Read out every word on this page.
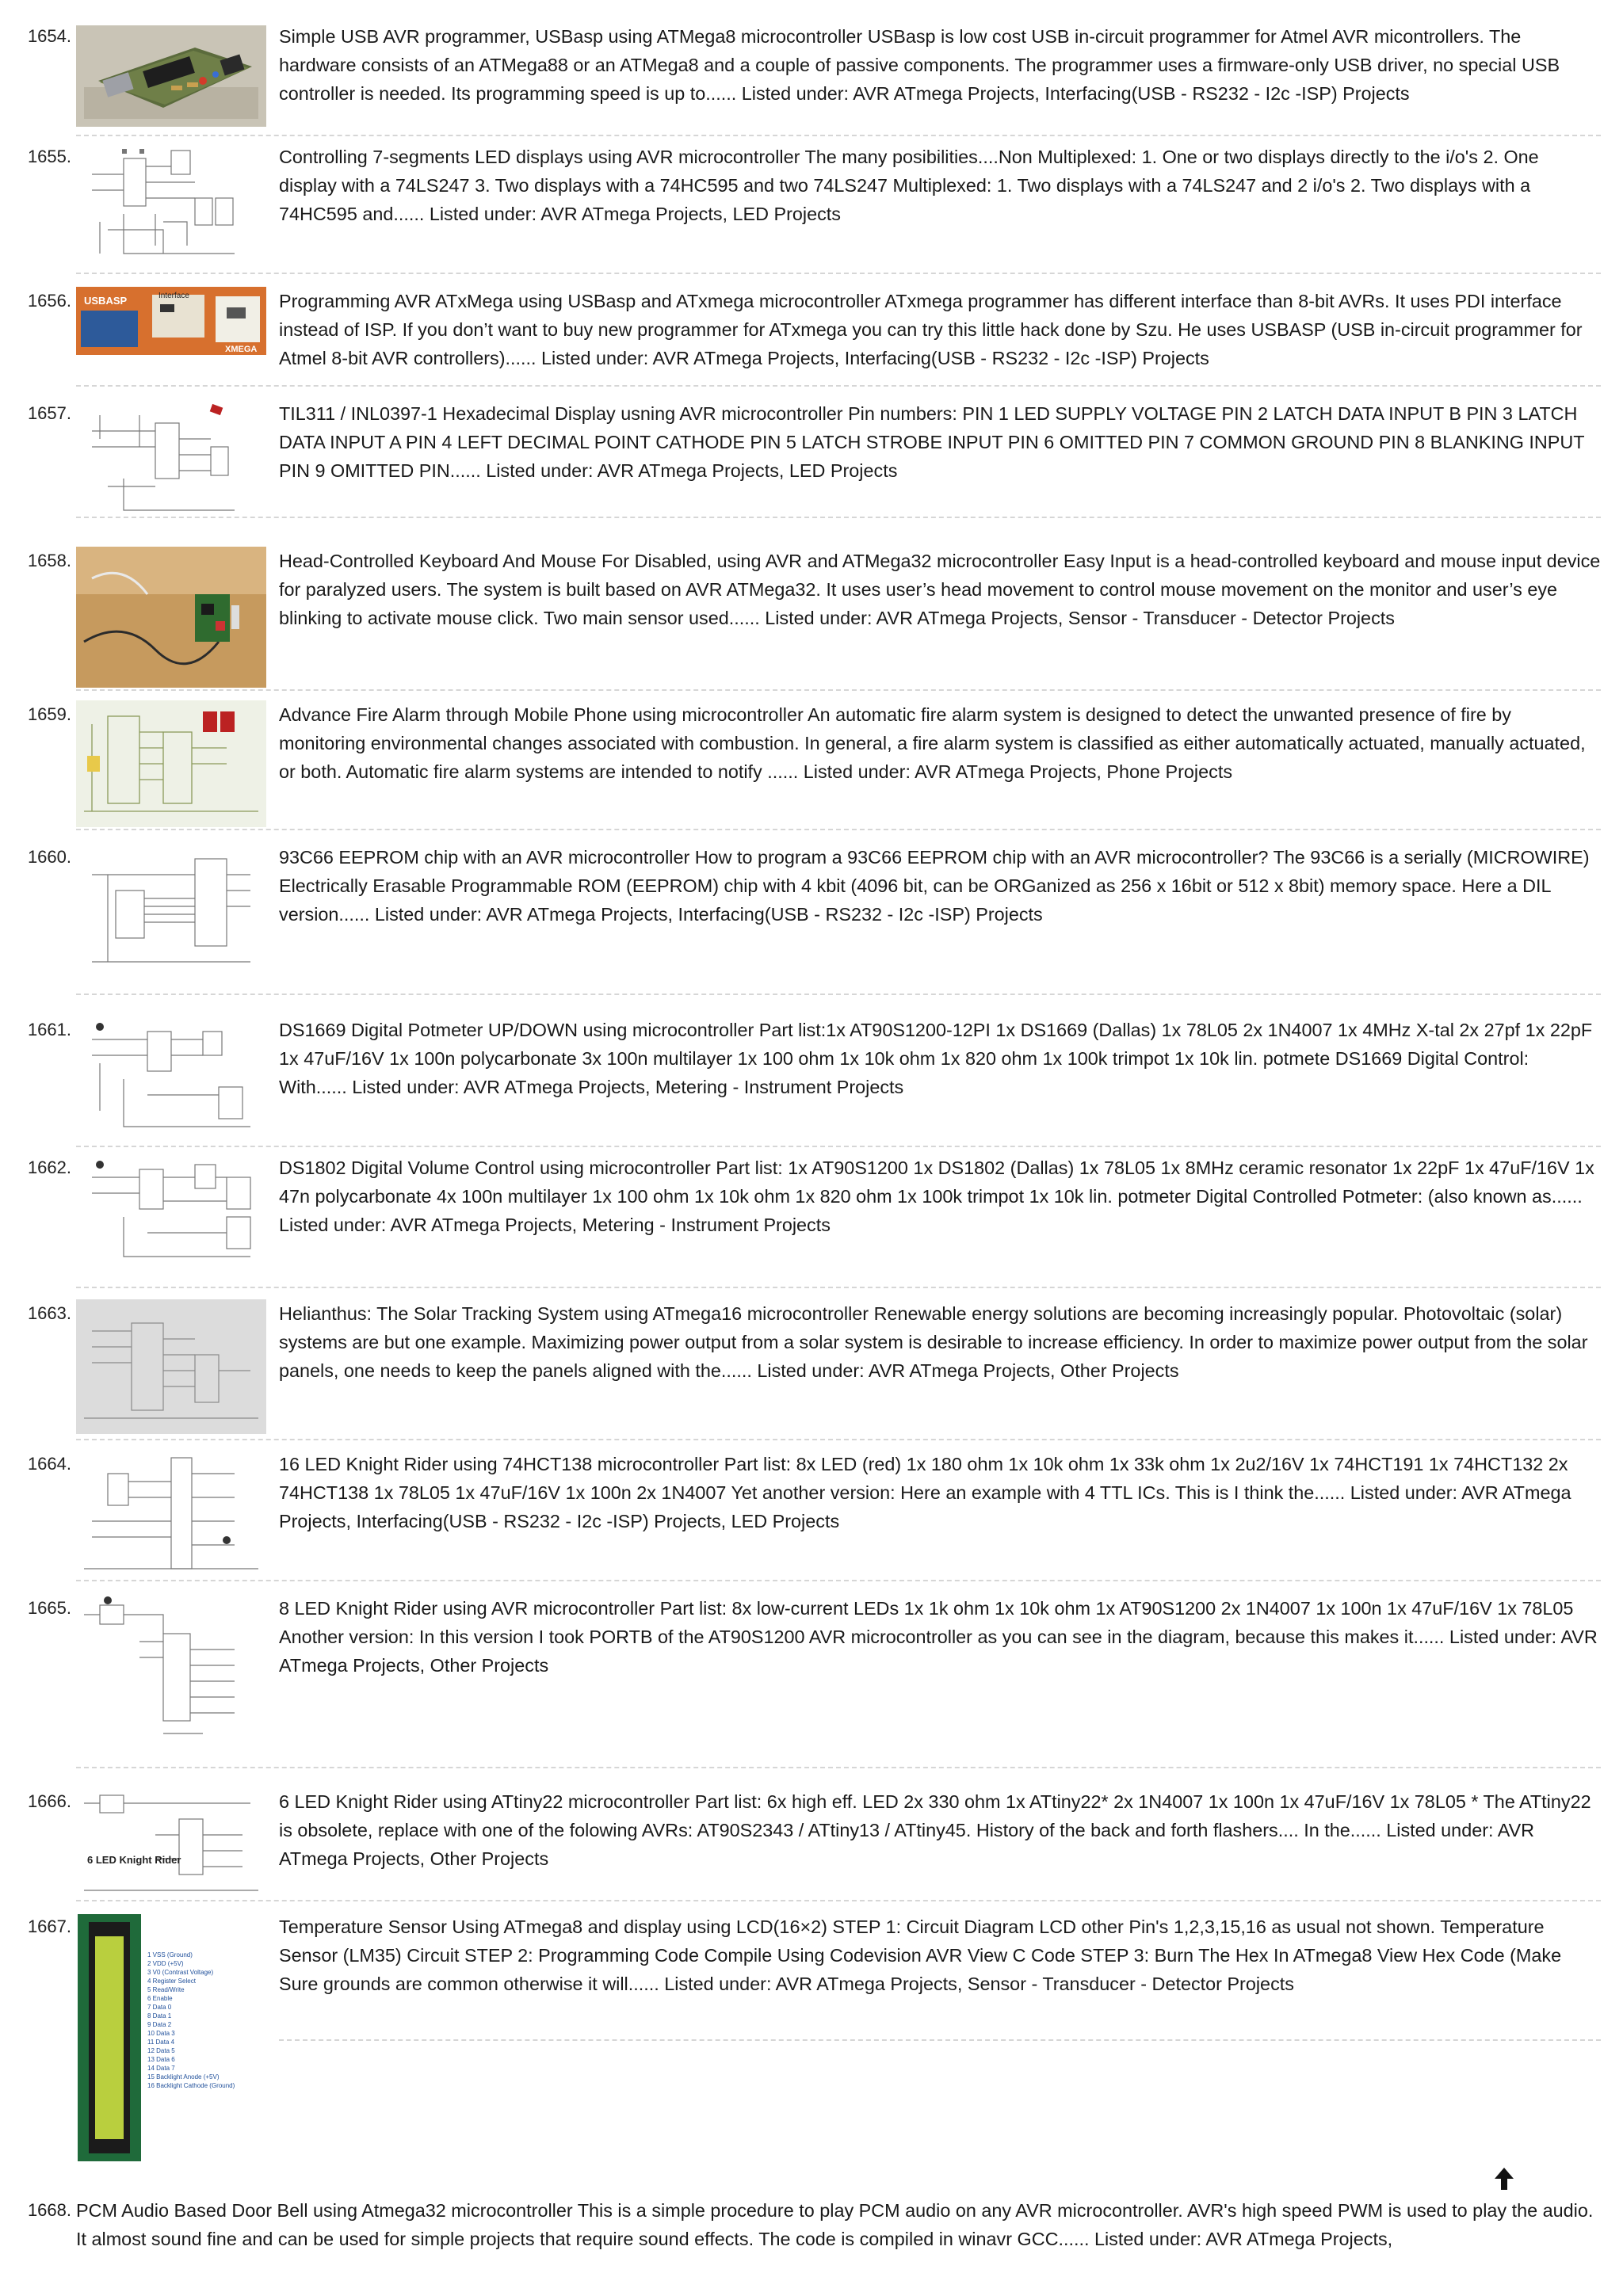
1654.	Simple USB AVR programmer, USBasp using ATMega8 microcontroller USBasp is low cost USB in-circuit programmer for Atmel AVR micontrollers. The hardware consists of an ATMega88 or an ATMega8 and a couple of passive components. The programmer uses a firmware-only USB driver, no special USB controller is needed. Its programming speed is up to...... Listed under: AVR ATmega Projects, Interfacing(USB - RS232 - I2c -ISP) Projects
1655.	Controlling 7-segments LED displays using AVR microcontroller The many posibilities....Non Multiplexed: 1. One or two displays directly to the i/o's 2. One display with a 74LS247 3. Two displays with a 74HC595 and two 74LS247 Multiplexed: 1. Two displays with a 74LS247 and 2 i/o's 2. Two displays with a 74HC595 and...... Listed under: AVR ATmega Projects, LED Projects
1656. USBASP	Interface
XMEGA
Programming AVR ATxMega using USBasp and ATxmega microcontroller ATxmega programmer has different interface than 8-bit AVRs. It uses PDI interface instead of ISP. If you don’t want to buy new programmer for ATxmega you can try this little hack done by Szu. He uses USBASP (USB in-circuit programmer for Atmel 8-bit AVR controllers)...... Listed under: AVR ATmega Projects, Interfacing(USB - RS232 - I2c -ISP) Projects
1657.	TIL311 / INL0397-1 Hexadecimal Display usning AVR microcontroller Pin numbers: PIN 1 LED SUPPLY VOLTAGE PIN 2 LATCH DATA INPUT B PIN 3 LATCH DATA INPUT A PIN 4 LEFT DECIMAL POINT CATHODE PIN 5 LATCH STROBE INPUT PIN 6 OMITTED PIN 7 COMMON GROUND PIN 8 BLANKING INPUT PIN 9 OMITTED PIN...... Listed under: AVR ATmega Projects, LED Projects
1658.	Head-Controlled Keyboard And Mouse For Disabled, using AVR and ATMega32 microcontroller Easy Input is a head-controlled keyboard and mouse input device for paralyzed users. The system is built based on AVR ATMega32. It uses user’s head movement to control mouse movement on the monitor and user’s eye blinking to activate mouse click. Two main sensor used...... Listed under: AVR ATmega Projects, Sensor - Transducer - Detector Projects
1659.	Advance Fire Alarm through Mobile Phone using microcontroller An automatic fire alarm system is designed to detect the unwanted presence of fire by monitoring environmental changes associated with combustion. In general, a fire alarm system is classified as either automatically actuated, manually actuated, or both. Automatic fire alarm systems are intended to notify ...... Listed under: AVR ATmega Projects, Phone Projects
1660.	93C66 EEPROM chip with an AVR microcontroller How to program a 93C66 EEPROM chip with an AVR microcontroller? The 93C66 is a serially (MICROWIRE) Electrically Erasable Programmable ROM (EEPROM) chip with 4 kbit (4096 bit, can be ORGanized as 256 x 16bit or 512 x 8bit) memory space. Here a DIL version...... Listed under: AVR ATmega Projects, Interfacing(USB - RS232 - I2c -ISP) Projects
1661.	DS1669 Digital Potmeter UP/DOWN using microcontroller Part list:1x AT90S1200-12PI 1x DS1669 (Dallas) 1x 78L05 2x 1N4007 1x 4MHz X-tal 2x 27pf 1x 22pF 1x 47uF/16V 1x 100n polycarbonate 3x 100n multilayer 1x 100 ohm 1x 10k ohm 1x 820 ohm 1x 100k trimpot 1x 10k lin. potmete DS1669 Digital Control: With...... Listed under: AVR ATmega Projects, Metering - Instrument Projects
1662.	DS1802 Digital Volume Control using microcontroller Part list: 1x AT90S1200 1x DS1802 (Dallas) 1x 78L05 1x 8MHz ceramic resonator 1x 22pF 1x 47uF/16V 1x 47n polycarbonate 4x 100n multilayer 1x 100 ohm 1x 10k ohm 1x 820 ohm 1x 100k trimpot 1x 10k lin. potmeter Digital Controlled Potmeter: (also known as...... Listed under: AVR ATmega Projects, Metering - Instrument Projects
1663.	Helianthus: The Solar Tracking System using ATmega16 microcontroller Renewable energy solutions are becoming increasingly popular. Photovoltaic (solar) systems are but one example. Maximizing power output from a solar system is desirable to increase efficiency. In order to maximize power output from the solar panels, one needs to keep the panels aligned with the...... Listed under: AVR ATmega Projects, Other Projects
1664.	16 LED Knight Rider using 74HCT138 microcontroller Part list: 8x LED (red) 1x 180 ohm 1x 10k ohm 1x 33k ohm 1x 2u2/16V 1x 74HCT191 1x 74HCT132 2x 74HCT138 1x 78L05 1x 47uF/16V 1x 100n 2x 1N4007 Yet another version: Here an example with 4 TTL ICs. This is I think the...... Listed under: AVR ATmega Projects, Interfacing(USB - RS232 - I2c -ISP) Projects, LED Projects
1665.	8 LED Knight Rider using AVR microcontroller Part list: 8x low-current LEDs 1x 1k ohm 1x 10k ohm 1x AT90S1200 2x 1N4007 1x 100n 1x 47uF/16V 1x 78L05 Another version: In this version I took PORTB of the AT90S1200 AVR microcontroller as you can see in the diagram, because this makes it...... Listed under: AVR ATmega Projects, Other Projects
1666.
6 LED Knight Rider
6 LED Knight Rider using ATtiny22 microcontroller Part list: 6x high eff. LED 2x 330 ohm 1x ATtiny22* 2x 1N4007 1x 100n 1x 47uF/16V 1x 78L05 * The ATtiny22 is obsolete, replace with one of the folowing AVRs: AT90S2343 / ATtiny13 / ATtiny45. History of the back and forth flashers.... In the...... Listed under: AVR ATmega Projects, Other Projects
1667.
1 VSS (Ground)
2 VDD (+5V)
3 V0 (Contrast Voltage)
4 Register Select
5 Read/Write
6 Enable
7 Data 0
8 Data 1
9 Data 2
10 Data 3
11 Data 4
12 Data 5
13 Data 6
14 Data 7
15 Backlight Anode (+5V)
16 Backlight Cathode (Ground)
Temperature Sensor Using ATmega8 and display using LCD(16×2) STEP 1: Circuit Diagram LCD other Pin's 1,2,3,15,16 as usual not shown. Temperature Sensor (LM35) Circuit STEP 2: Programming Code Compile Using Codevision AVR View C Code STEP 3: Burn The Hex In ATmega8 View Hex Code (Make Sure grounds are common otherwise it will...... Listed under: AVR ATmega Projects, Sensor - Transducer - Detector Projects
1668. PCM Audio Based Door Bell using Atmega32 microcontroller This is a simple procedure to play PCM audio on any AVR microcontroller. AVR's high speed PWM is used to play the audio. It almost sound fine and can be used for simple projects that require sound effects. The code is compiled in winavr GCC...... Listed under: AVR ATmega Projects,
